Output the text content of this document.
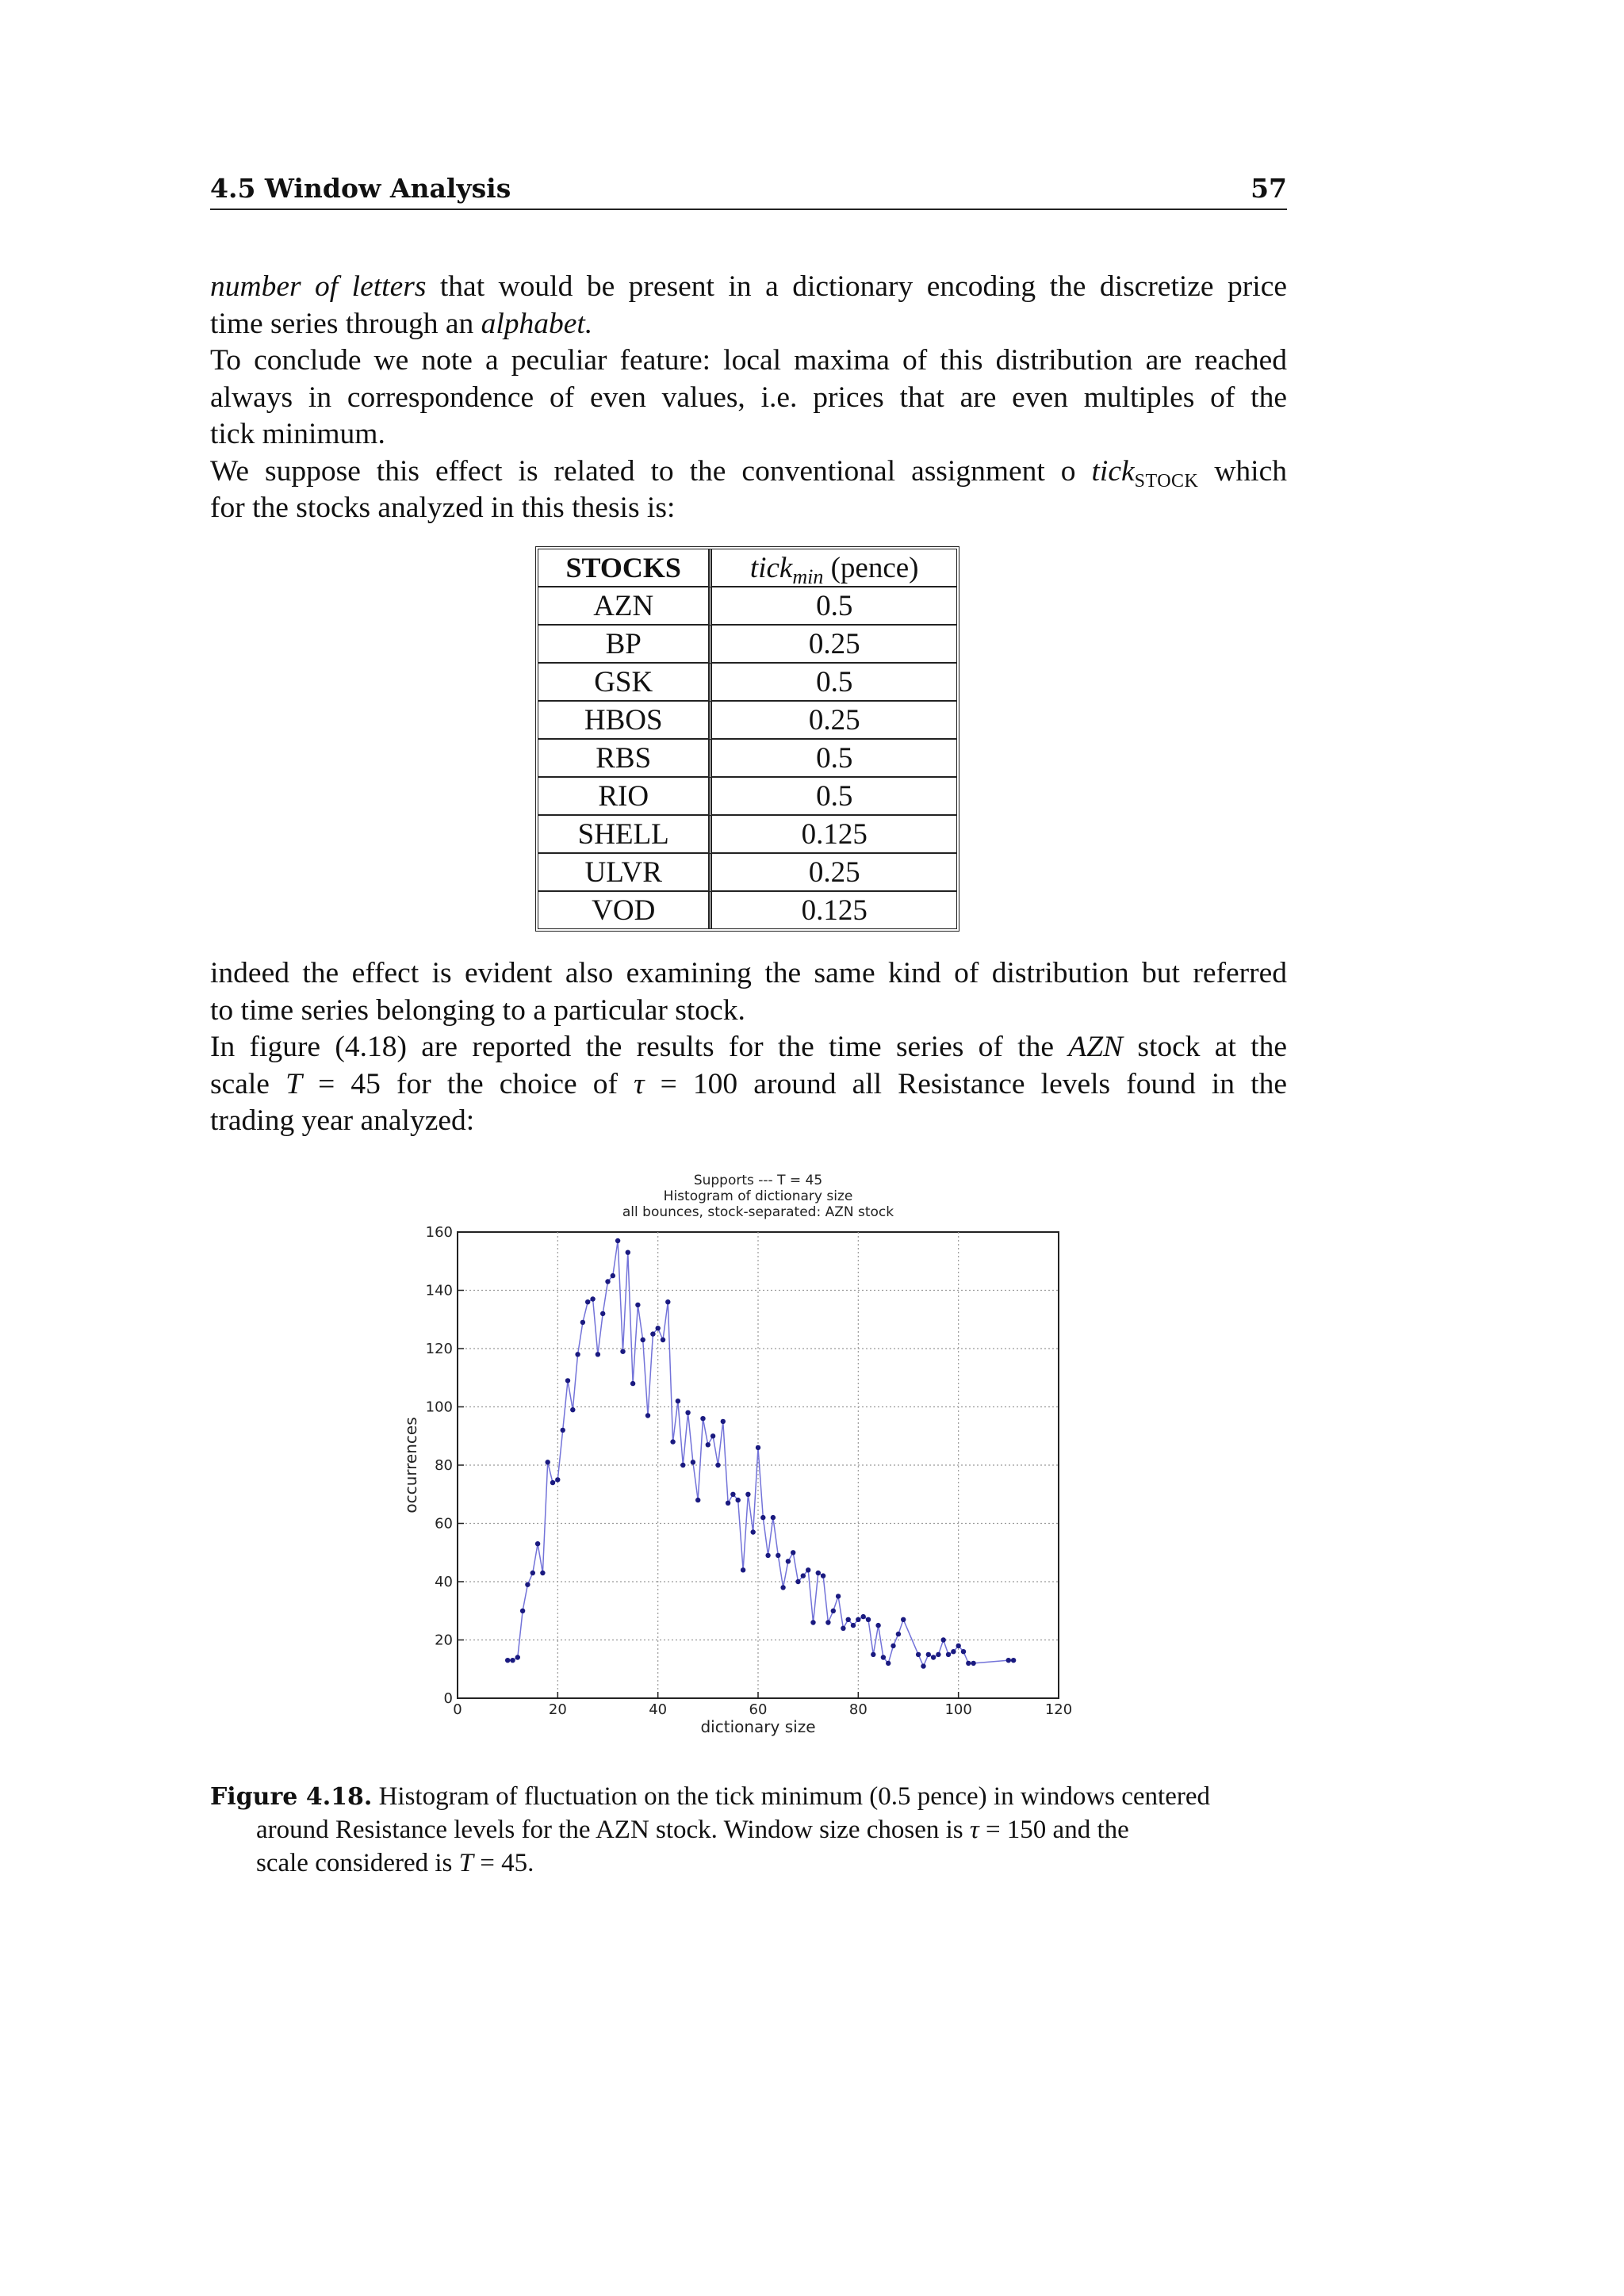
4.5 Window Analysis	57
number of letters that would be present in a dictionary encoding the discretize price
time series through an alphabet.
To conclude we note a peculiar feature: local maxima of this distribution are reached
always in correspondence of even values, i.e. prices that are even multiples of the
tick minimum.
We suppose this effect is related to the conventional assignment o tick$_{STOCK}$ which
for the stocks analyzed in this thesis is:
STOCKS	tick$_{min}$ (pence)
AZN	0.5
BP	0.25
GSK	0.5
HBOS	0.25
RBS	0.5
RIO	0.5
SHELL	0.125
ULVR	0.25
VOD	0.125
indeed the effect is evident also examining the same kind of distribution but referred
to time series belonging to a particular stock.
In figure (4.18) are reported the results for the time series of the AZN stock at the
scale T = 45 for the choice of τ = 100 around all Resistance levels found in the
trading year analyzed:
Supports --- T = 45
Histogram of dictionary size
all bounces, stock-separated: AZN stock
0	20	40	60	80	100	120
0
20
40
60
80
100
120
140
160
dictionary size
occurrences
Figure 4.18. Histogram of fluctuation on the tick minimum (0.5 pence) in windows centered
around Resistance levels for the AZN stock. Window size chosen is τ = 150 and the
scale considered is T = 45.
